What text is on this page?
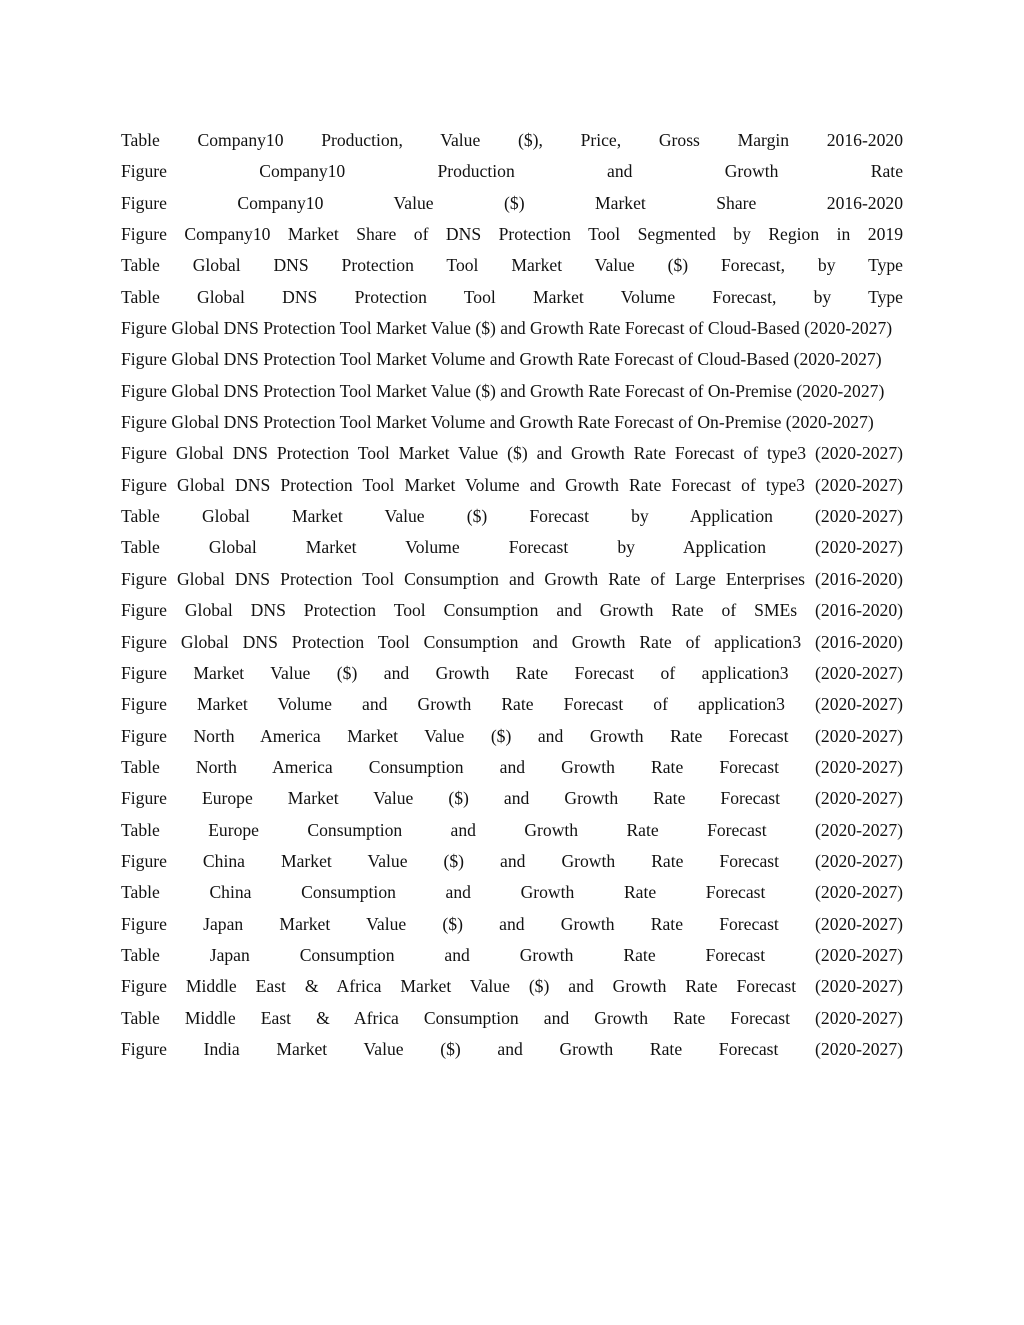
Table Company10 Production, Value ($), Price, Gross Margin 2016-2020

Figure Company10 Production and Growth Rate

Figure Company10 Value ($) Market Share 2016-2020

Figure Company10 Market Share of DNS Protection Tool Segmented by Region in 2019

Table Global DNS Protection Tool Market Value ($) Forecast, by Type

Table Global DNS Protection Tool Market Volume Forecast, by Type

Figure Global DNS Protection Tool Market Value ($) and Growth Rate Forecast of Cloud-Based (2020-2027)

Figure Global DNS Protection Tool Market Volume and Growth Rate Forecast of Cloud-Based (2020-2027)

Figure Global DNS Protection Tool Market Value ($) and Growth Rate Forecast of On-Premise (2020-2027)

Figure Global DNS Protection Tool Market Volume and Growth Rate Forecast of On-Premise (2020-2027)

Figure Global DNS Protection Tool Market Value ($) and Growth Rate Forecast of type3 (2020-2027)

Figure Global DNS Protection Tool Market Volume and Growth Rate Forecast of type3 (2020-2027)

Table Global Market Value ($) Forecast by Application (2020-2027)

Table Global Market Volume Forecast by Application (2020-2027)

Figure Global DNS Protection Tool Consumption and Growth Rate of Large Enterprises (2016-2020)

Figure Global DNS Protection Tool Consumption and Growth Rate of SMEs (2016-2020)

Figure Global DNS Protection Tool Consumption and Growth Rate of application3 (2016-2020)

Figure Market Value ($) and Growth Rate Forecast of application3 (2020-2027)

Figure Market Volume and Growth Rate Forecast of application3 (2020-2027)

Figure North America Market Value ($) and Growth Rate Forecast (2020-2027)

Table North America Consumption and Growth Rate Forecast (2020-2027)

Figure Europe Market Value ($) and Growth Rate Forecast (2020-2027)

Table Europe Consumption and Growth Rate Forecast (2020-2027)

Figure China Market Value ($) and Growth Rate Forecast (2020-2027)

Table China Consumption and Growth Rate Forecast (2020-2027)

Figure Japan Market Value ($) and Growth Rate Forecast (2020-2027)

Table Japan Consumption and Growth Rate Forecast (2020-2027)

Figure Middle East & Africa Market Value ($) and Growth Rate Forecast (2020-2027)

Table Middle East & Africa Consumption and Growth Rate Forecast (2020-2027)

Figure India Market Value ($) and Growth Rate Forecast (2020-2027)
